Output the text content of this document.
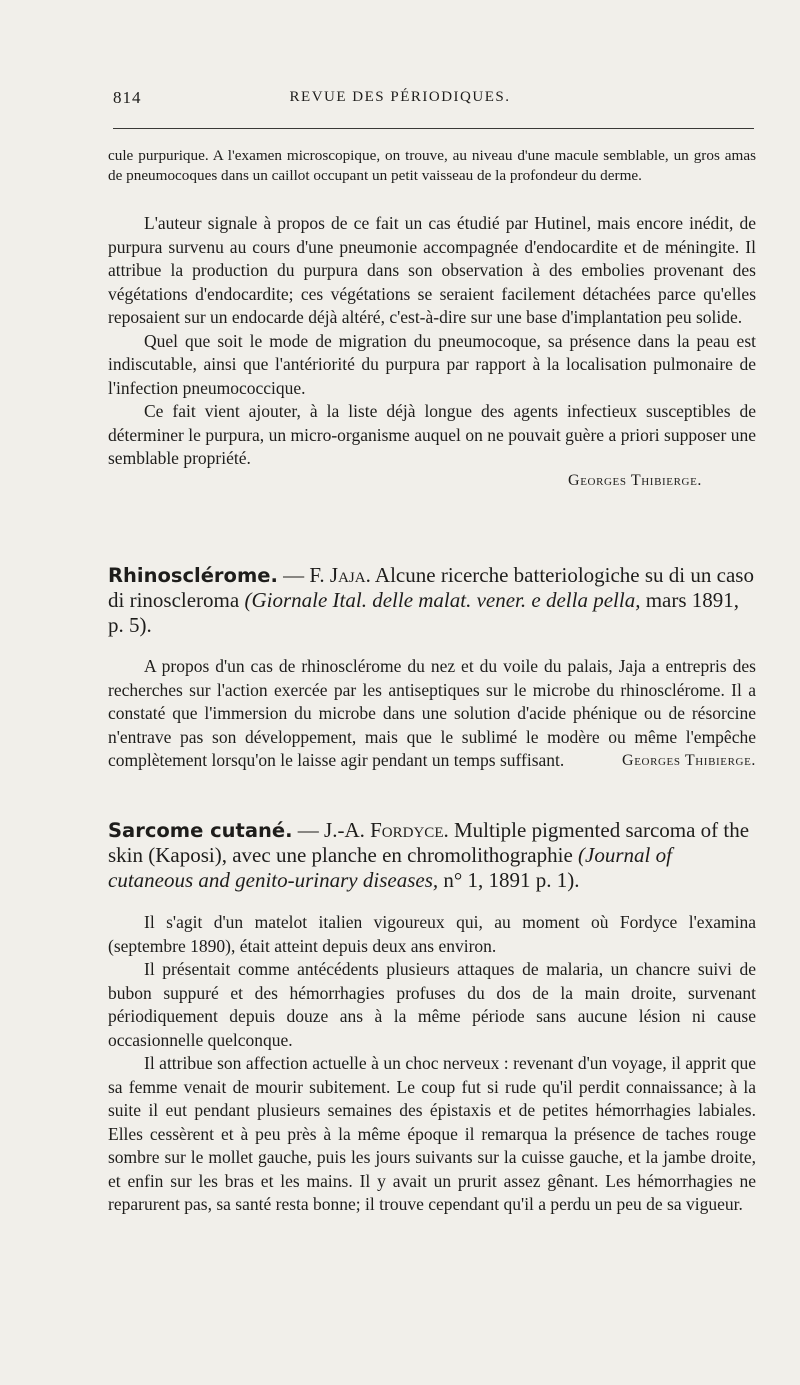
814	REVUE DES PÉRIODIQUES.
cule purpurique. A l'examen microscopique, on trouve, au niveau d'une macule semblable, un gros amas de pneumocoques dans un caillot occupant un petit vaisseau de la profondeur du derme.

L'auteur signale à propos de ce fait un cas étudié par Hutinel, mais encore inédit, de purpura survenu au cours d'une pneumonie accompagnée d'endocardite et de méningite. Il attribue la production du purpura dans son observation à des embolies provenant des végétations d'endocardite; ces végétations se seraient facilement détachées parce qu'elles reposaient sur un endocarde déjà altéré, c'est-à-dire sur une base d'implantation peu solide.

Quel que soit le mode de migration du pneumocoque, sa présence dans la peau est indiscutable, ainsi que l'antériorité du purpura par rapport à la localisation pulmonaire de l'infection pneumococcique.

Ce fait vient ajouter, à la liste déjà longue des agents infectieux susceptibles de déterminer le purpura, un micro-organisme auquel on ne pouvait guère a priori supposer une semblable propriété.

Georges Thibierge.
Rhinosclérome. — F. Jaja. Alcune ricerche batteriologiche su di un caso di rinoscleroma (Giornale Ital. delle malat. vener. e della pella, mars 1891, p. 5).

A propos d'un cas de rhinosclérome du nez et du voile du palais, Jaja a entrepris des recherches sur l'action exercée par les antiseptiques sur le microbe du rhinosclérome. Il a constaté que l'immersion du microbe dans une solution d'acide phénique ou de résorcine n'entrave pas son développement, mais que le sublimé le modère ou même l'empêche complètement lorsqu'on le laisse agir pendant un temps suffisant.	Georges Thibierge.

Sarcome cutané. — J.-A. Fordyce. Multiple pigmented sarcoma of the skin (Kaposi), avec une planche en chromolithographie (Journal of cutaneous and genito-urinary diseases, n° 1, 1891 p. 1).

Il s'agit d'un matelot italien vigoureux qui, au moment où Fordyce l'examina (septembre 1890), était atteint depuis deux ans environ.

Il présentait comme antécédents plusieurs attaques de malaria, un chancre suivi de bubon suppuré et des hémorrhagies profuses du dos de la main droite, survenant périodiquement depuis douze ans à la même période sans aucune lésion ni cause occasionnelle quelconque.

Il attribue son affection actuelle à un choc nerveux : revenant d'un voyage, il apprit que sa femme venait de mourir subitement. Le coup fut si rude qu'il perdit connaissance; à la suite il eut pendant plusieurs semaines des épistaxis et de petites hémorrhagies labiales. Elles cessèrent et à peu près à la même époque il remarqua la présence de taches rouge sombre sur le mollet gauche, puis les jours suivants sur la cuisse gauche, et la jambe droite, et enfin sur les bras et les mains. Il y avait un prurit assez gênant. Les hémorrhagies ne reparurent pas, sa santé resta bonne; il trouve cependant qu'il a perdu un peu de sa vigueur.
